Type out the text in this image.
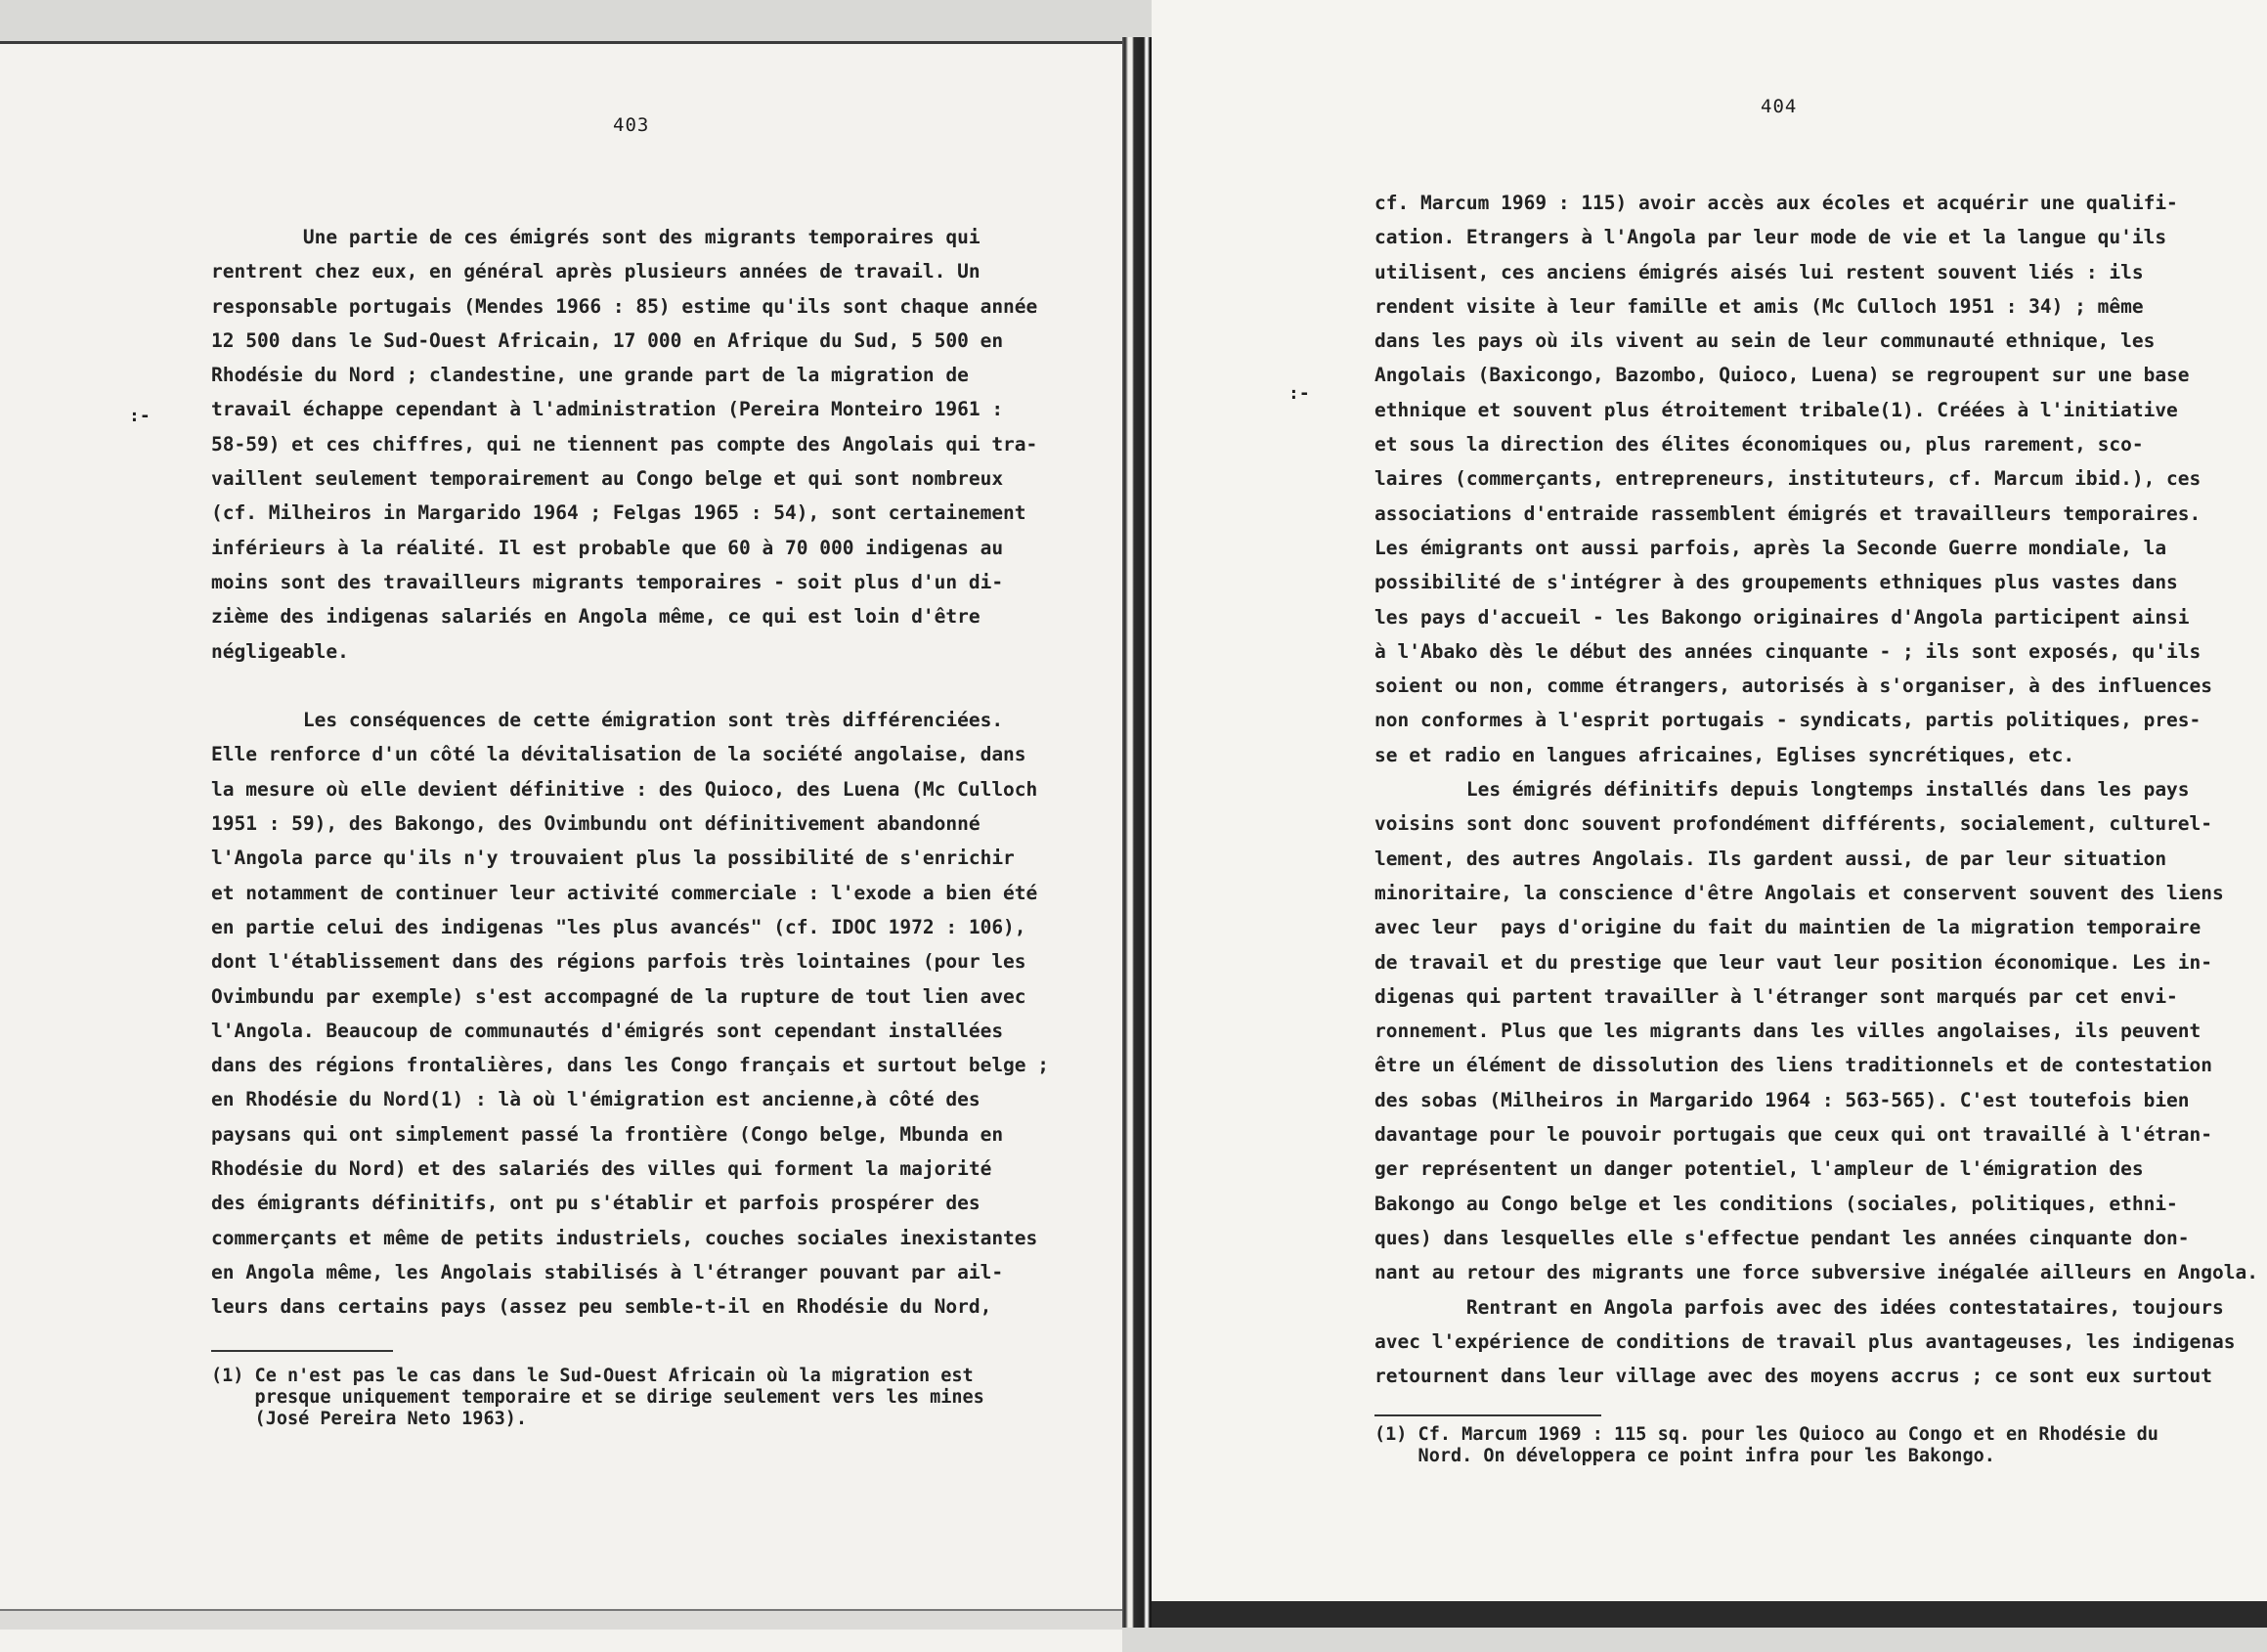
403
:-
Une partie de ces émigrés sont des migrants temporaires qui
rentrent chez eux, en général après plusieurs années de travail. Un
responsable portugais (Mendes 1966 : 85) estime qu'ils sont chaque année
12 500 dans le Sud-Ouest Africain, 17 000 en Afrique du Sud, 5 500 en
Rhodésie du Nord ; clandestine, une grande part de la migration de
travail échappe cependant à l'administration (Pereira Monteiro 1961 :
58-59) et ces chiffres, qui ne tiennent pas compte des Angolais qui tra-
vaillent seulement temporairement au Congo belge et qui sont nombreux
(cf. Milheiros in Margarido 1964 ; Felgas 1965 : 54), sont certainement
inférieurs à la réalité. Il est probable que 60 à 70 000 indigenas au
moins sont des travailleurs migrants temporaires - soit plus d'un di-
zième des indigenas salariés en Angola même, ce qui est loin d'être
négligeable.

Les conséquences de cette émigration sont très différenciées.
Elle renforce d'un côté la dévitalisation de la société angolaise, dans
la mesure où elle devient définitive : des Quioco, des Luena (Mc Culloch
1951 : 59), des Bakongo, des Ovimbundu ont définitivement abandonné
l'Angola parce qu'ils n'y trouvaient plus la possibilité de s'enrichir
et notamment de continuer leur activité commerciale : l'exode a bien été
en partie celui des indigenas "les plus avancés" (cf. IDOC 1972 : 106),
dont l'établissement dans des régions parfois très lointaines (pour les
Ovimbundu par exemple) s'est accompagné de la rupture de tout lien avec
l'Angola. Beaucoup de communautés d'émigrés sont cependant installées
dans des régions frontalières, dans les Congo français et surtout belge ;
en Rhodésie du Nord(1) : là où l'émigration est ancienne,à côté des
paysans qui ont simplement passé la frontière (Congo belge, Mbunda en
Rhodésie du Nord) et des salariés des villes qui forment la majorité
des émigrants définitifs, ont pu s'établir et parfois prospérer des
commerçants et même de petits industriels, couches sociales inexistantes
en Angola même, les Angolais stabilisés à l'étranger pouvant par ail-
leurs dans certains pays (assez peu semble-t-il en Rhodésie du Nord,
(1) Ce n'est pas le cas dans le Sud-Ouest Africain où la migration est
presque uniquement temporaire et se dirige seulement vers les mines
(José Pereira Neto 1963).
404
:-
cf. Marcum 1969 : 115) avoir accès aux écoles et acquérir une qualifi-
cation. Etrangers à l'Angola par leur mode de vie et la langue qu'ils
utilisent, ces anciens émigrés aisés lui restent souvent liés : ils
rendent visite à leur famille et amis (Mc Culloch 1951 : 34) ; même
dans les pays où ils vivent au sein de leur communauté ethnique, les
Angolais (Baxicongo, Bazombo, Quioco, Luena) se regroupent sur une base
ethnique et souvent plus étroitement tribale(1). Créées à l'initiative
et sous la direction des élites économiques ou, plus rarement, sco-
laires (commerçants, entrepreneurs, instituteurs, cf. Marcum ibid.), ces
associations d'entraide rassemblent émigrés et travailleurs temporaires.
Les émigrants ont aussi parfois, après la Seconde Guerre mondiale, la
possibilité de s'intégrer à des groupements ethniques plus vastes dans
les pays d'accueil - les Bakongo originaires d'Angola participent ainsi
à l'Abako dès le début des années cinquante - ; ils sont exposés, qu'ils
soient ou non, comme étrangers, autorisés à s'organiser, à des influences
non conformes à l'esprit portugais - syndicats, partis politiques, pres-
se et radio en langues africaines, Eglises syncrétiques, etc.
Les émigrés définitifs depuis longtemps installés dans les pays
voisins sont donc souvent profondément différents, socialement, culturel-
lement, des autres Angolais. Ils gardent aussi, de par leur situation
minoritaire, la conscience d'être Angolais et conservent souvent des liens
avec leur  pays d'origine du fait du maintien de la migration temporaire
de travail et du prestige que leur vaut leur position économique. Les in-
digenas qui partent travailler à l'étranger sont marqués par cet envi-
ronnement. Plus que les migrants dans les villes angolaises, ils peuvent
être un élément de dissolution des liens traditionnels et de contestation
des sobas (Milheiros in Margarido 1964 : 563-565). C'est toutefois bien
davantage pour le pouvoir portugais que ceux qui ont travaillé à l'étran-
ger représentent un danger potentiel, l'ampleur de l'émigration des
Bakongo au Congo belge et les conditions (sociales, politiques, ethni-
ques) dans lesquelles elle s'effectue pendant les années cinquante don-
nant au retour des migrants une force subversive inégalée ailleurs en Angola.
Rentrant en Angola parfois avec des idées contestataires, toujours
avec l'expérience de conditions de travail plus avantageuses, les indigenas
retournent dans leur village avec des moyens accrus ; ce sont eux surtout
(1) Cf. Marcum 1969 : 115 sq. pour les Quioco au Congo et en Rhodésie du
Nord. On développera ce point infra pour les Bakongo.
